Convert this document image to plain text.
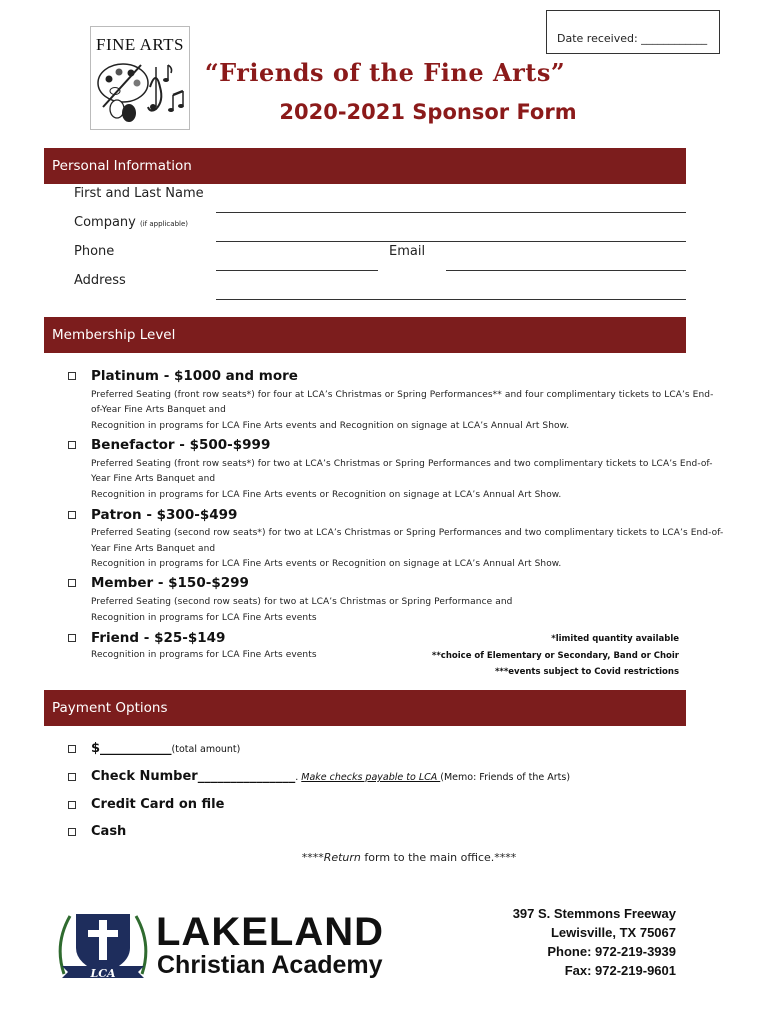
Date received: ____________
FINE ARTS
“Friends of the Fine Arts”
2020-2021 Sponsor Form
Personal Information
First and Last Name
Company (if applicable)
Phone	Email
Address
Membership Level
Platinum - $1000 and more
Preferred Seating (front row seats*) for four at LCA’s Christmas or Spring Performances** and four complimentary tickets to LCA’s End-
of-Year Fine Arts Banquet and
Recognition in programs for LCA Fine Arts events and Recognition on signage at LCA’s Annual Art Show.
Benefactor - $500-$999
Preferred Seating (front row seats*) for two at LCA’s Christmas or Spring Performances and two complimentary tickets to LCA’s End-of-
Year Fine Arts Banquet and
Recognition in programs for LCA Fine Arts events or Recognition on signage at LCA’s Annual Art Show.
Patron - $300-$499
Preferred Seating (second row seats*) for two at LCA’s Christmas or Spring Performances and two complimentary tickets to LCA’s End-of-
Year Fine Arts Banquet and
Recognition in programs for LCA Fine Arts events or Recognition on signage at LCA’s Annual Art Show.
Member - $150-$299
Preferred Seating (second row seats) for two at LCA’s Christmas or Spring Performance and
Recognition in programs for LCA Fine Arts events
Friend - $25-$149
Recognition in programs for LCA Fine Arts events
*limited quantity available
**choice of Elementary or Secondary, Band or Choir
***events subject to Covid restrictions
Payment Options
$___________(total amount)
Check Number_______________. Make checks payable to LCA (Memo: Friends of the Arts)
Credit Card on file
Cash
****Return form to the main office.****
LCA
LAKELAND
Christian Academy
397 S. Stemmons Freeway
Lewisville, TX 75067
Phone: 972-219-3939
Fax: 972-219-9601
